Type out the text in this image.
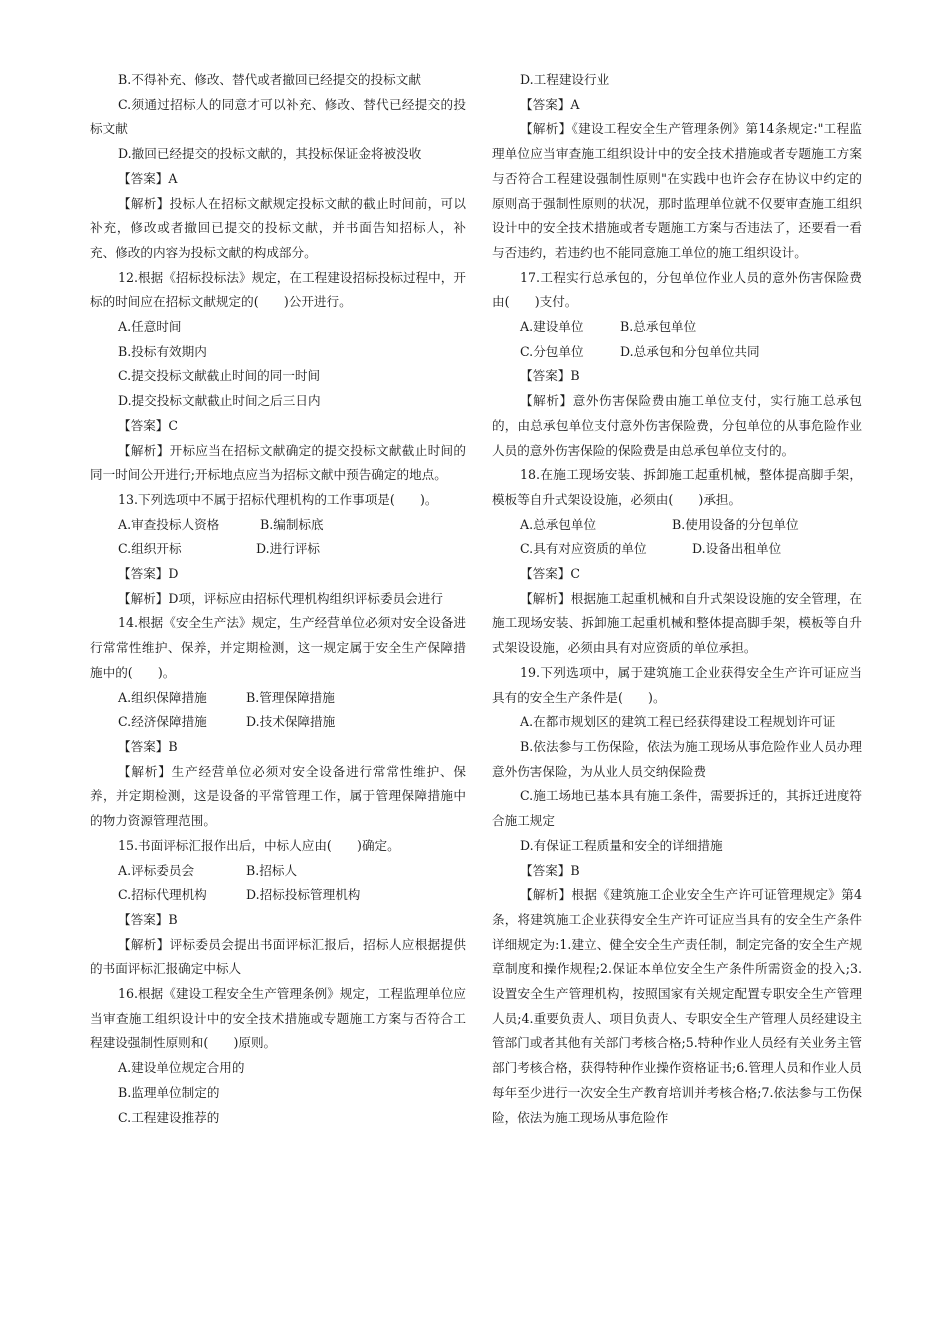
B.不得补充、修改、替代或者撤回已经提交的投标文献

C.须通过招标人的同意才可以补充、修改、替代已经提交的投标文献

D.撤回已经提交的投标文献的，其投标保证金将被没收

【答案】A

【解析】投标人在招标文献规定投标文献的截止时间前，可以补充，修改或者撤回已提交的投标文献，并书面告知招标人，补充、修改的内容为投标文献的构成部分。

12.根据《招标投标法》规定，在工程建设招标投标过程中，开标的时间应在招标文献规定的(　　)公开进行。

A.任意时间

B.投标有效期内

C.提交投标文献截止时间的同一时间

D.提交投标文献截止时间之后三日内

【答案】C

【解析】开标应当在招标文献确定的提交投标文献截止时间的同一时间公开进行;开标地点应当为招标文献中预告确定的地点。

13.下列选项中不属于招标代理机构的工作事项是(　　)。

A.审查投标人资格	B.编制标底
C.组织开标	D.进行评标

【答案】D

【解析】D项，评标应由招标代理机构组织评标委员会进行

14.根据《安全生产法》规定，生产经营单位必须对安全设备进行常常性维护、保养，并定期检测，这一规定属于安全生产保障措施中的(　　)。

A.组织保障措施	B.管理保障措施
C.经济保障措施	D.技术保障措施

【答案】B

【解析】生产经营单位必须对安全设备进行常常性维护、保养，并定期检测，这是设备的平常管理工作，属于管理保障措施中的物力资源管理范围。

15.书面评标汇报作出后，中标人应由(　　)确定。

A.评标委员会	B.招标人
C.招标代理机构	D.招标投标管理机构

【答案】B

【解析】评标委员会提出书面评标汇报后，招标人应根据提供的书面评标汇报确定中标人

16.根据《建设工程安全生产管理条例》规定，工程监理单位应当审查施工组织设计中的安全技术措施或专题施工方案与否符合工程建设强制性原则和(　　)原则。

A.建设单位规定合用的

B.监理单位制定的

C.工程建设推荐的

D.工程建设行业

【答案】A

【解析】《建设工程安全生产管理条例》第14条规定:"工程监理单位应当审查施工组织设计中的安全技术措施或者专题施工方案与否符合工程建设强制性原则"在实践中也许会存在协议中约定的原则高于强制性原则的状况，那时监理单位就不仅要审查施工组织设计中的安全技术措施或者专题施工方案与否违法了，还要看一看与否违约，若违约也不能同意施工单位的施工组织设计。

17.工程实行总承包的，分包单位作业人员的意外伤害保险费由(　　)支付。

A.建设单位	B.总承包单位
C.分包单位	D.总承包和分包单位共同

【答案】B

【解析】意外伤害保险费由施工单位支付，实行施工总承包的，由总承包单位支付意外伤害保险费，分包单位的从事危险作业人员的意外伤害保险的保险费是由总承包单位支付的。

18.在施工现场安装、拆卸施工起重机械，整体提高脚手架，模板等自升式架设设施，必须由(　　)承担。

A.总承包单位	B.使用设备的分包单位
C.具有对应资质的单位	D.设备出租单位

【答案】C

【解析】根据施工起重机械和自升式架设设施的安全管理，在施工现场安装、拆卸施工起重机械和整体提高脚手架，模板等自升式架设设施，必须由具有对应资质的单位承担。

19.下列选项中，属于建筑施工企业获得安全生产许可证应当具有的安全生产条件是(　　)。

A.在都市规划区的建筑工程已经获得建设工程规划许可证

B.依法参与工伤保险，依法为施工现场从事危险作业人员办理意外伤害保险，为从业人员交纳保险费

C.施工场地已基本具有施工条件，需要拆迁的，其拆迁进度符合施工规定

D.有保证工程质量和安全的详细措施

【答案】B

【解析】根据《建筑施工企业安全生产许可证管理规定》第4条，将建筑施工企业获得安全生产许可证应当具有的安全生产条件详细规定为:1.建立、健全安全生产责任制，制定完备的安全生产规章制度和操作规程;2.保证本单位安全生产条件所需资金的投入;3.设置安全生产管理机构，按照国家有关规定配置专职安全生产管理人员;4.重要负责人、项目负责人、专职安全生产管理人员经建设主管部门或者其他有关部门考核合格;5.特种作业人员经有关业务主管部门考核合格，获得特种作业操作资格证书;6.管理人员和作业人员每年至少进行一次安全生产教育培训并考核合格;7.依法参与工伤保险，依法为施工现场从事危险作
